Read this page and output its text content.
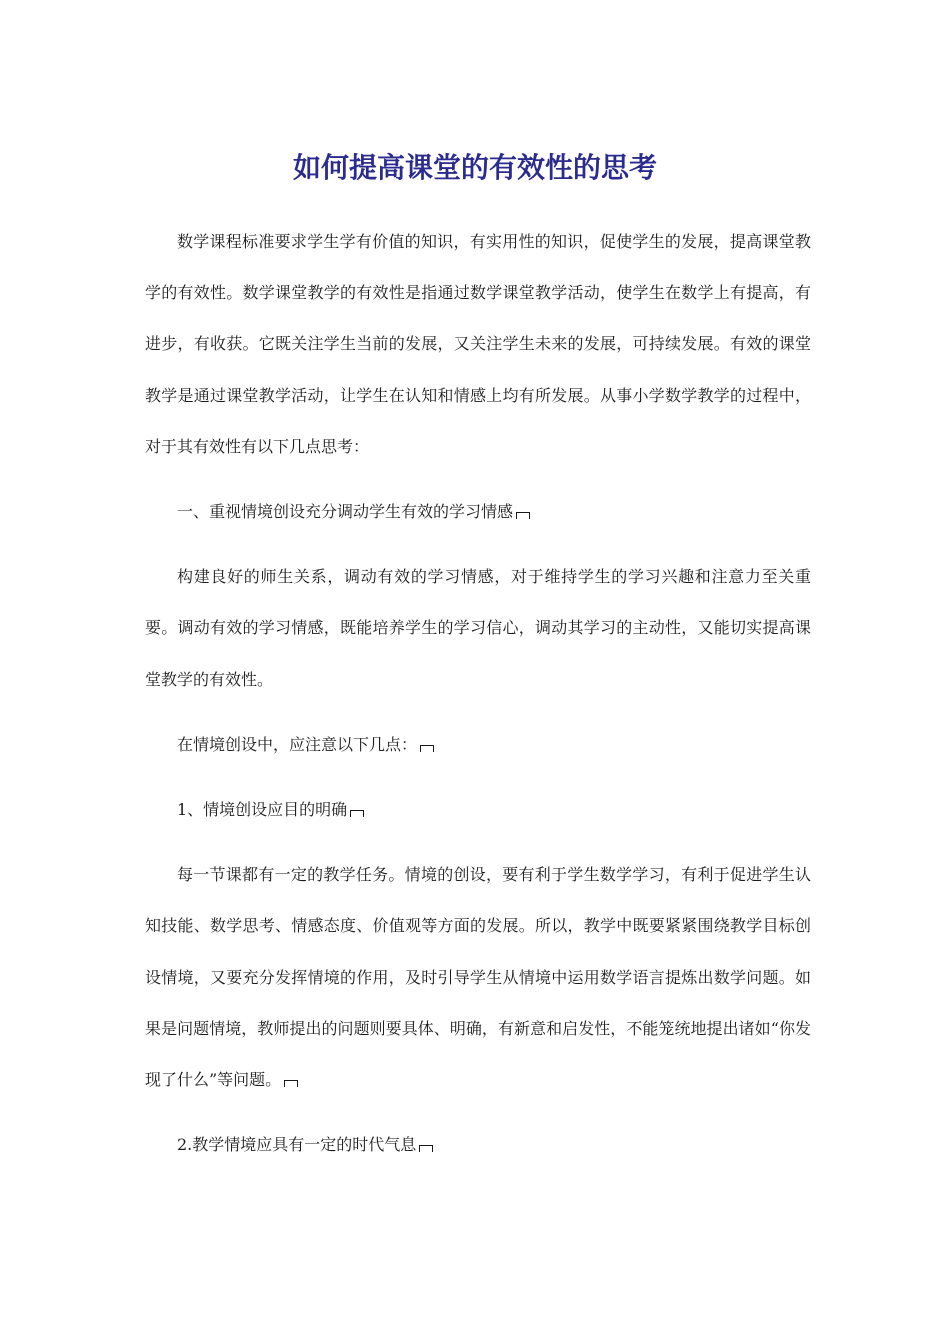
如何提高课堂的有效性的思考

数学课程标准要求学生学有价值的知识，有实用性的知识，促使学生的发展，提高课堂教学的有效性。数学课堂教学的有效性是指通过数学课堂教学活动，使学生在数学上有提高，有进步，有收获。它既关注学生当前的发展，又关注学生未来的发展，可持续发展。有效的课堂教学是通过课堂教学活动，让学生在认知和情感上均有所发展。从事小学数学教学的过程中，对于其有效性有以下几点思考：

一、重视情境创设充分调动学生有效的学习情感

构建良好的师生关系，调动有效的学习情感，对于维持学生的学习兴趣和注意力至关重要。调动有效的学习情感，既能培养学生的学习信心，调动其学习的主动性，又能切实提高课堂教学的有效性。

在情境创设中，应注意以下几点：

1、情境创设应目的明确

每一节课都有一定的教学任务。情境的创设，要有利于学生数学学习，有利于促进学生认知技能、数学思考、情感态度、价值观等方面的发展。所以，教学中既要紧紧围绕教学目标创设情境，又要充分发挥情境的作用，及时引导学生从情境中运用数学语言提炼出数学问题。如果是问题情境，教师提出的问题则要具体、明确，有新意和启发性，不能笼统地提出诸如“你发现了什么”等问题。

2.教学情境应具有一定的时代气息
